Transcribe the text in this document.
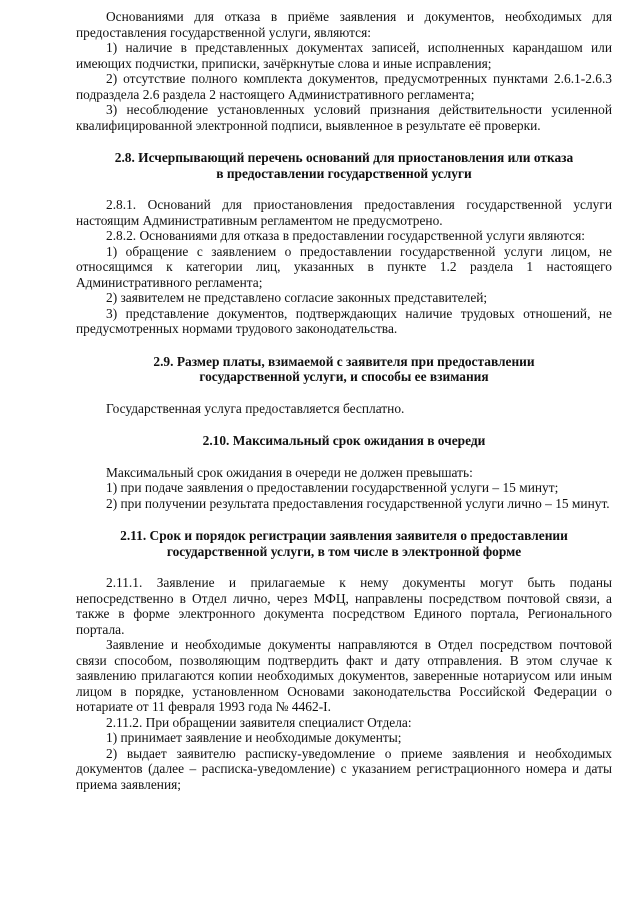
Основаниями для отказа в приёме заявления и документов, необходимых для предоставления государственной услуги, являются:

1) наличие в представленных документах записей, исполненных карандашом или имеющих подчистки, приписки, зачёркнутые слова и иные исправления;

2) отсутствие полного комплекта документов, предусмотренных пунктами 2.6.1-2.6.3 подраздела 2.6 раздела 2 настоящего Административного регламента;

3) несоблюдение установленных условий признания действительности усиленной квалифицированной электронной подписи, выявленное в результате её проверки.

2.8. Исчерпывающий перечень оснований для приостановления или отказа
в предоставлении государственной услуги

2.8.1. Оснований для приостановления предоставления государственной услуги настоящим Административным регламентом не предусмотрено.

2.8.2. Основаниями для отказа в предоставлении государственной услуги являются:

1) обращение с заявлением о предоставлении государственной услуги лицом, не относящимся к категории лиц, указанных в пункте 1.2 раздела 1 настоящего Административного регламента;

2) заявителем не представлено согласие законных представителей;

3) представление документов, подтверждающих наличие трудовых отношений, не предусмотренных нормами трудового законодательства.

2.9. Размер платы, взимаемой с заявителя при предоставлении
государственной услуги, и способы ее взимания

Государственная услуга предоставляется бесплатно.

2.10. Максимальный срок ожидания в очереди

Максимальный срок ожидания в очереди не должен превышать:

1) при подаче заявления о предоставлении государственной услуги – 15 минут;

2) при получении результата предоставления государственной услуги лично – 15 минут.

2.11. Срок и порядок регистрации заявления заявителя о предоставлении
государственной услуги, в том числе в электронной форме

2.11.1. Заявление и прилагаемые к нему документы могут быть поданы непосредственно в Отдел лично, через МФЦ, направлены посредством почтовой связи, а также в форме электронного документа посредством Единого портала, Регионального портала.

Заявление и необходимые документы направляются в Отдел посредством почтовой связи способом, позволяющим подтвердить факт и дату отправления. В этом случае к заявлению прилагаются копии необходимых документов, заверенные нотариусом или иным лицом в порядке, установленном Основами законодательства Российской Федерации о нотариате от 11 февраля 1993 года № 4462-I.

2.11.2. При обращении заявителя специалист Отдела:

1) принимает заявление и необходимые документы;

2) выдает заявителю расписку-уведомление о приеме заявления и необходимых документов (далее – расписка-уведомление) с указанием регистрационного номера и даты приема заявления;
